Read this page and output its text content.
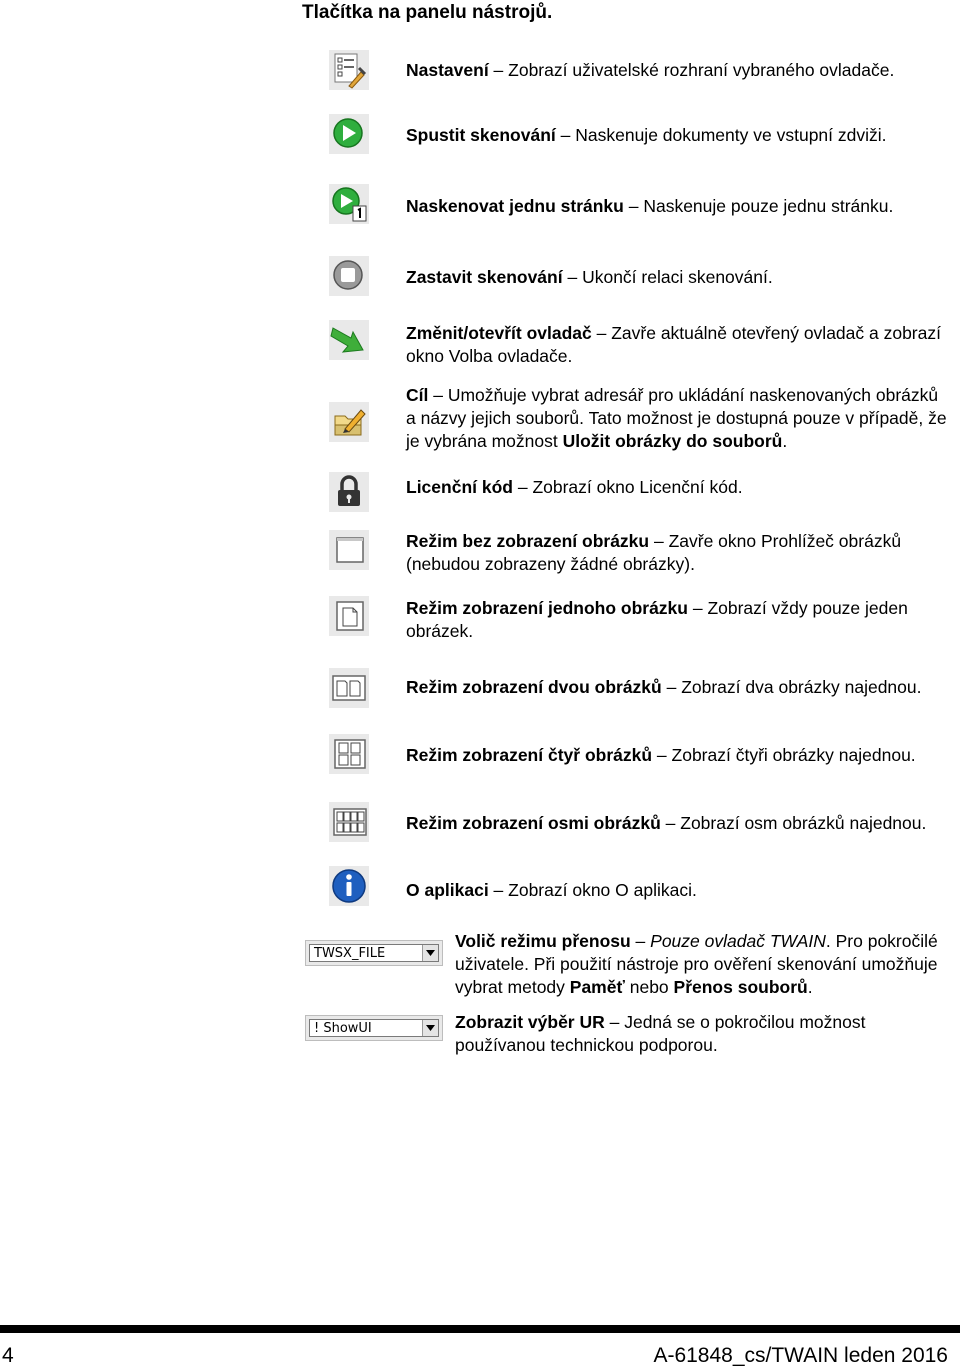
Tlačítka na panelu nástrojů.
Nastavení – Zobrazí uživatelské rozhraní vybraného ovladače.
Spustit skenování – Naskenuje dokumenty ve vstupní zdviži.
Naskenovat jednu stránku – Naskenuje pouze jednu stránku.
Zastavit skenování – Ukončí relaci skenování.
Změnit/otevřít ovladač – Zavře aktuálně otevřený ovladač a zobrazí okno Volba ovladače.
Cíl – Umožňuje vybrat adresář pro ukládání naskenovaných obrázků a názvy jejich souborů. Tato možnost je dostupná pouze v případě, že je vybrána možnost Uložit obrázky do souborů.
Licenční kód – Zobrazí okno Licenční kód.
Režim bez zobrazení obrázku – Zavře okno Prohlížeč obrázků (nebudou zobrazeny žádné obrázky).
Režim zobrazení jednoho obrázku – Zobrazí vždy pouze jeden obrázek.
Režim zobrazení dvou obrázků – Zobrazí dva obrázky najednou.
Režim zobrazení čtyř obrázků – Zobrazí čtyři obrázky najednou.
Režim zobrazení osmi obrázků – Zobrazí osm obrázků najednou.
O aplikaci – Zobrazí okno O aplikaci.
TWSX_FILE
Volič režimu přenosu – Pouze ovladač TWAIN. Pro pokročilé uživatele. Při použití nástroje pro ověření skenování umožňuje vybrat metody Paměť nebo Přenos souborů.
! ShowUI	Zobrazit výběr UR – Jedná se o pokročilou možnost používanou technickou podporou.
4	A-61848_cs/TWAIN leden 2016
